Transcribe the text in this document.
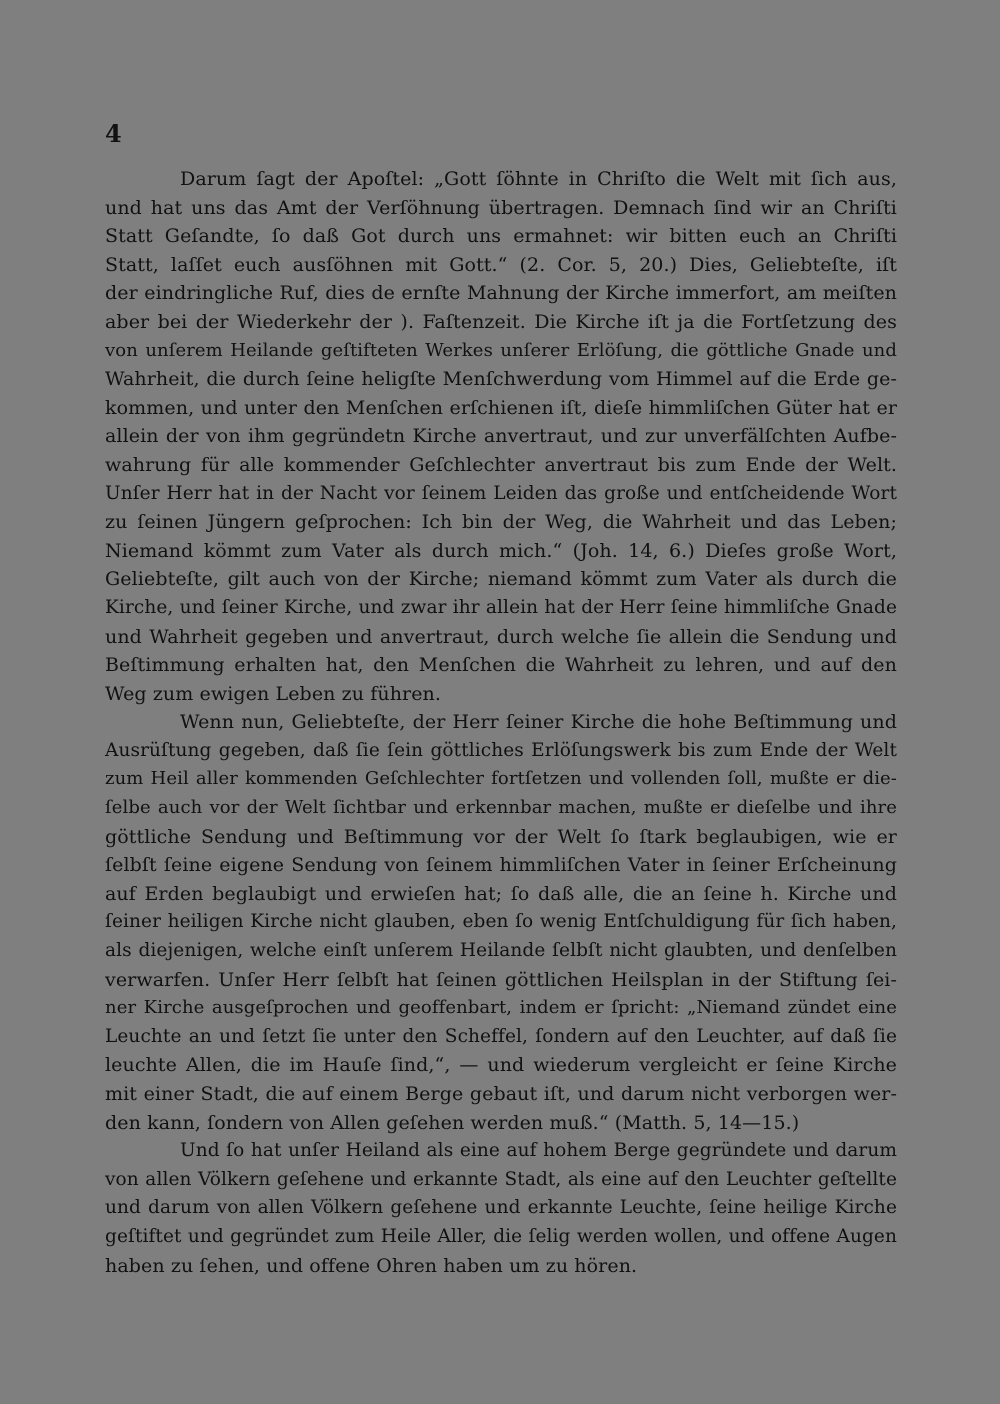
4
Darum ſagt der Apoſtel: „Gott ſöhnte in Chriſto die Welt mit ſich aus,
und hat uns das Amt der Verſöhnung übertragen. Demnach ſind wir an Chriſti
Statt Geſandte, ſo daß Got durch uns ermahnet: wir bitten euch an Chriſti
Statt, laſſet euch ausſöhnen mit Gott.“ (2. Cor. 5, 20.) Dies, Geliebteſte, iſt
der eindringliche Ruf, dies de ernſte Mahnung der Kirche immerfort, am meiſten
aber bei der Wiederkehr der ). Faſtenzeit. Die Kirche iſt ja die Fortſetzung des
von unſerem Heilande geſtifteten Werkes unſerer Erlöſung, die göttliche Gnade und
Wahrheit, die durch ſeine heligſte Menſchwerdung vom Himmel auf die Erde ge-
kommen, und unter den Menſchen erſchienen iſt, dieſe himmliſchen Güter hat er
allein der von ihm gegründetn Kirche anvertraut, und zur unverfälſchten Aufbe-
wahrung für alle kommender Geſchlechter anvertraut bis zum Ende der Welt.
Unſer Herr hat in der Nacht vor ſeinem Leiden das große und entſcheidende Wort
zu ſeinen Jüngern geſprochen: Ich bin der Weg, die Wahrheit und das Leben;
Niemand kömmt zum Vater als durch mich.“ (Joh. 14, 6.) Dieſes große Wort,
Geliebteſte, gilt auch von der Kirche; niemand kömmt zum Vater als durch die
Kirche, und ſeiner Kirche, und zwar ihr allein hat der Herr ſeine himmliſche Gnade
und Wahrheit gegeben und anvertraut, durch welche ſie allein die Sendung und
Beſtimmung erhalten hat, den Menſchen die Wahrheit zu lehren, und auf den
Weg zum ewigen Leben zu führen.
Wenn nun, Geliebteſte, der Herr ſeiner Kirche die hohe Beſtimmung und
Ausrüſtung gegeben, daß ſie ſein göttliches Erlöſungswerk bis zum Ende der Welt
zum Heil aller kommenden Geſchlechter fortſetzen und vollenden ſoll, mußte er die-
ſelbe auch vor der Welt ſichtbar und erkennbar machen, mußte er dieſelbe und ihre
göttliche Sendung und Beſtimmung vor der Welt ſo ſtark beglaubigen, wie er
ſelbſt ſeine eigene Sendung von ſeinem himmliſchen Vater in ſeiner Erſcheinung
auf Erden beglaubigt und erwieſen hat; ſo daß alle, die an ſeine h. Kirche und
ſeiner heiligen Kirche nicht glauben, eben ſo wenig Entſchuldigung für ſich haben,
als diejenigen, welche einſt unſerem Heilande ſelbſt nicht glaubten, und denſelben
verwarfen. Unſer Herr ſelbſt hat ſeinen göttlichen Heilsplan in der Stiftung ſei-
ner Kirche ausgeſprochen und geoffenbart, indem er ſpricht: „Niemand zündet eine
Leuchte an und ſetzt ſie unter den Scheffel, ſondern auf den Leuchter, auf daß ſie
leuchte Allen, die im Hauſe ſind,“, — und wiederum vergleicht er ſeine Kirche
mit einer Stadt, die auf einem Berge gebaut iſt, und darum nicht verborgen wer-
den kann, ſondern von Allen geſehen werden muß.“ (Matth. 5, 14—15.)
Und ſo hat unſer Heiland als eine auf hohem Berge gegründete und darum
von allen Völkern geſehene und erkannte Stadt, als eine auf den Leuchter geſtellte
und darum von allen Völkern geſehene und erkannte Leuchte, ſeine heilige Kirche
geſtiftet und gegründet zum Heile Aller, die ſelig werden wollen, und offene Augen
haben zu ſehen, und offene Ohren haben um zu hören.
